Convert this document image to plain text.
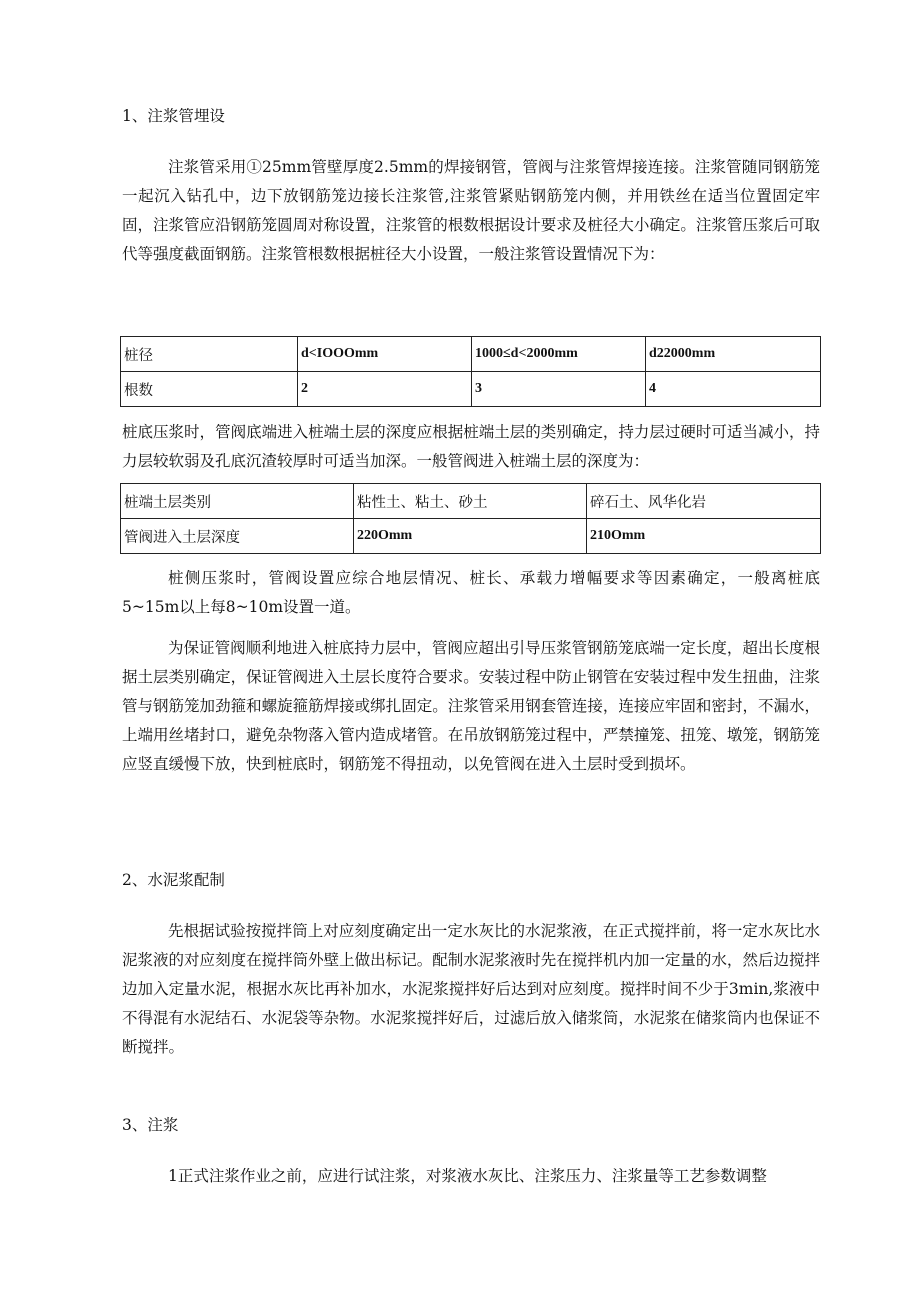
1、注浆管埋设

注浆管采用①25mm管壁厚度2.5mm的焊接钢管，管阀与注浆管焊接连接。注浆管随同钢筋笼一起沉入钻孔中，边下放钢筋笼边接长注浆管,注浆管紧贴钢筋笼内侧，并用铁丝在适当位置固定牢固，注浆管应沿钢筋笼圆周对称设置，注浆管的根数根据设计要求及桩径大小确定。注浆管压浆后可取代等强度截面钢筋。注浆管根数根据桩径大小设置，一般注浆管设置情况下为：

桩径	d<IOOOmm	1000≤d<2000mm	d22000mm
根数	2	3	4

桩底压浆时，管阀底端进入桩端土层的深度应根据桩端土层的类别确定，持力层过硬时可适当减小，持力层较软弱及孔底沉渣较厚时可适当加深。一般管阀进入桩端土层的深度为：

桩端土层类别	粘性土、粘土、砂土	碎石土、风华化岩
管阀进入土层深度	220Omm	210Omm

桩侧压浆时，管阀设置应综合地层情况、桩长、承载力增幅要求等因素确定，一般离桩底5~15m以上每8~10m设置一道。

为保证管阀顺利地进入桩底持力层中，管阀应超出引导压浆管钢筋笼底端一定长度，超出长度根据土层类别确定，保证管阀进入土层长度符合要求。安装过程中防止钢管在安装过程中发生扭曲，注浆管与钢筋笼加劲箍和螺旋箍筋焊接或绑扎固定。注浆管采用钢套管连接，连接应牢固和密封，不漏水，上端用丝堵封口，避免杂物落入管内造成堵管。在吊放钢筋笼过程中，严禁撞笼、扭笼、墩笼，钢筋笼应竖直缓慢下放，快到桩底时，钢筋笼不得扭动，以免管阀在进入土层时受到损坏。

2、水泥浆配制

先根据试验按搅拌筒上对应刻度确定出一定水灰比的水泥浆液，在正式搅拌前，将一定水灰比水泥浆液的对应刻度在搅拌筒外壁上做出标记。配制水泥浆液时先在搅拌机内加一定量的水，然后边搅拌边加入定量水泥，根据水灰比再补加水，水泥浆搅拌好后达到对应刻度。搅拌时间不少于3min,浆液中不得混有水泥结石、水泥袋等杂物。水泥浆搅拌好后，过滤后放入储浆筒，水泥浆在储浆筒内也保证不断搅拌。

3、注浆

1正式注浆作业之前，应进行试注浆，对浆液水灰比、注浆压力、注浆量等工艺参数调整
